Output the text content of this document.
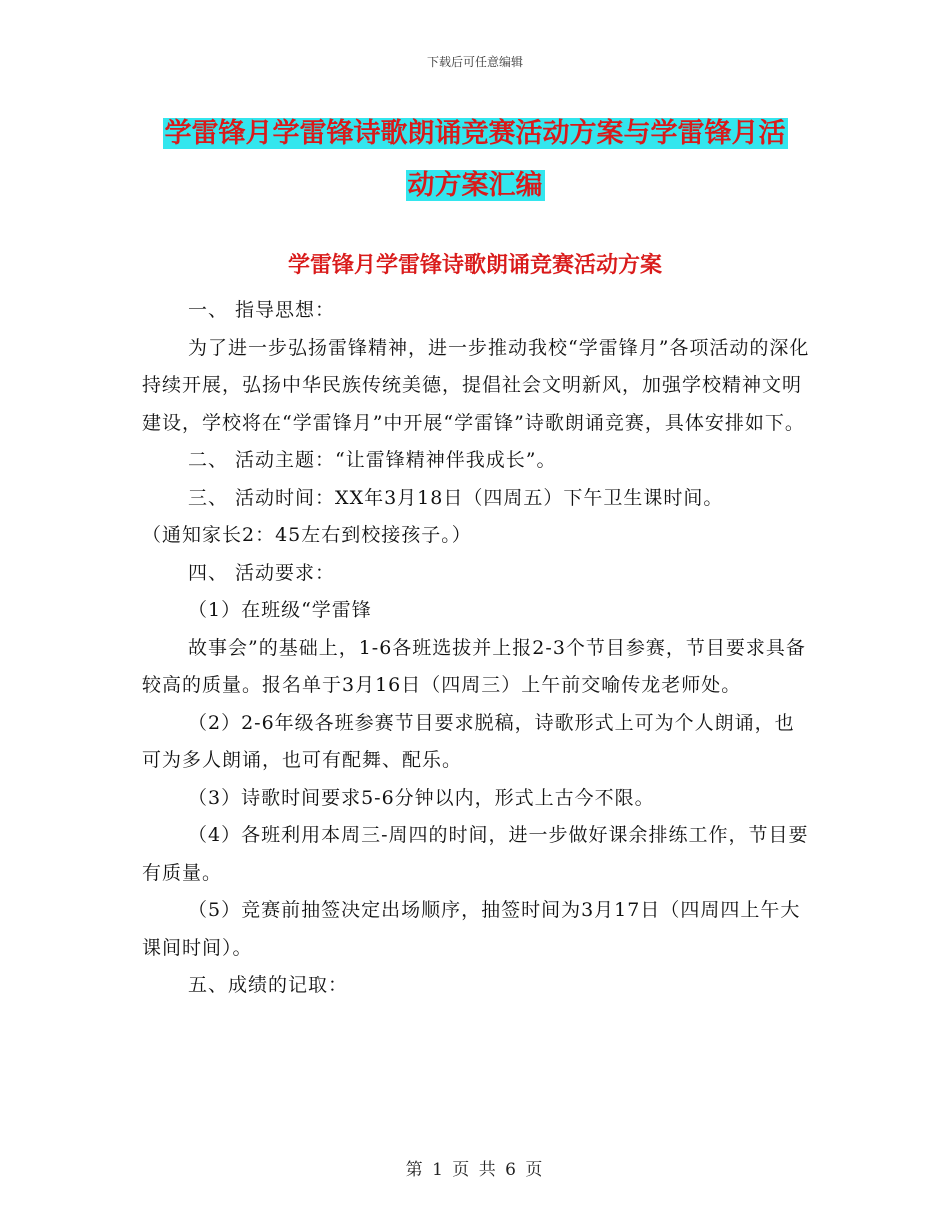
下载后可任意编辑
学雷锋月学雷锋诗歌朗诵竞赛活动方案与学雷锋月活
动方案汇编
学雷锋月学雷锋诗歌朗诵竞赛活动方案

一、 指导思想：

为了进一步弘扬雷锋精神，进一步推动我校“学雷锋月”各项活动的深化持续开展，弘扬中华民族传统美德，提倡社会文明新风，加强学校精神文明建设，学校将在“学雷锋月”中开展“学雷锋”诗歌朗诵竞赛，具体安排如下。

二、 活动主题：“让雷锋精神伴我成长”。

三、 活动时间：XX年3月18日（四周五）下午卫生课时间。

（通知家长2：45左右到校接孩子。）

四、 活动要求：

（1）在班级“学雷锋

故事会”的基础上，1-6各班选拔并上报2-3个节目参赛，节目要求具备较高的质量。报名单于3月16日（四周三）上午前交喻传龙老师处。

（2）2-6年级各班参赛节目要求脱稿，诗歌形式上可为个人朗诵，也可为多人朗诵，也可有配舞、配乐。

（3）诗歌时间要求5-6分钟以内，形式上古今不限。

（4）各班利用本周三-周四的时间，进一步做好课余排练工作，节目要有质量。

（5）竞赛前抽签决定出场顺序，抽签时间为3月17日（四周四上午大课间时间）。

五、成绩的记取：

第 1 页 共 6 页
